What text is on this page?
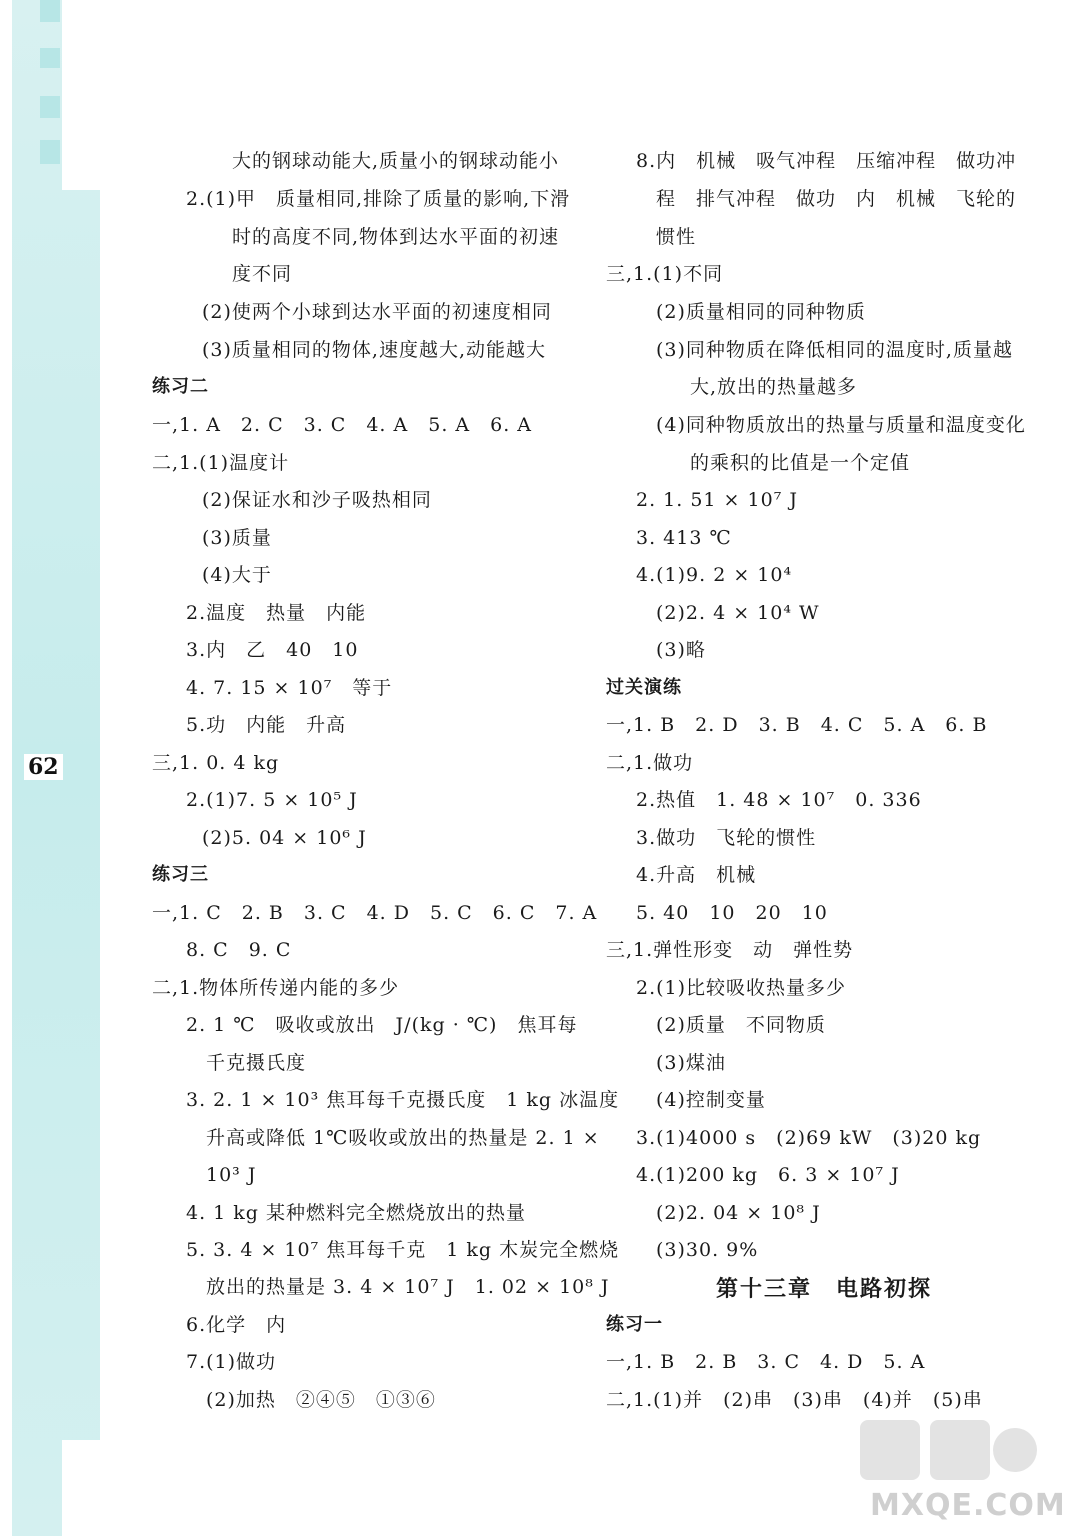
62
大的钢球动能大,质量小的钢球动能小
2.(1)甲　质量相同,排除了质量的影响,下滑
时的高度不同,物体到达水平面的初速
度不同
(2)使两个小球到达水平面的初速度相同
(3)质量相同的物体,速度越大,动能越大
练习二
一,1. A　2. C　3. C　4. A　5. A　6. A
二,1.(1)温度计
(2)保证水和沙子吸热相同
(3)质量
(4)大于
2.温度　热量　内能
3.内　乙　40　10
4. 7. 15 × 10⁷　等于
5.功　内能　升高
三,1. 0. 4 kg
2.(1)7. 5 × 10⁵ J
(2)5. 04 × 10⁶ J
练习三
一,1. C　2. B　3. C　4. D　5. C　6. C　7. A
8. C　9. C
二,1.物体所传递内能的多少
2. 1 ℃　吸收或放出　J/(kg · ℃)　焦耳每
千克摄氏度
3. 2. 1 × 10³ 焦耳每千克摄氏度　1 kg 冰温度
升高或降低 1℃吸收或放出的热量是 2. 1 ×
10³ J
4. 1 kg 某种燃料完全燃烧放出的热量
5. 3. 4 × 10⁷ 焦耳每千克　1 kg 木炭完全燃烧
放出的热量是 3. 4 × 10⁷ J　1. 02 × 10⁸ J
6.化学　内
7.(1)做功
(2)加热　②④⑤　①③⑥
8.内　机械　吸气冲程　压缩冲程　做功冲
程　排气冲程　做功　内　机械　飞轮的
惯性
三,1.(1)不同
(2)质量相同的同种物质
(3)同种物质在降低相同的温度时,质量越
大,放出的热量越多
(4)同种物质放出的热量与质量和温度变化
的乘积的比值是一个定值
2. 1. 51 × 10⁷ J
3. 413 ℃
4.(1)9. 2 × 10⁴
(2)2. 4 × 10⁴ W
(3)略
过关演练
一,1. B　2. D　3. B　4. C　5. A　6. B
二,1.做功
2.热值　1. 48 × 10⁷　0. 336
3.做功　飞轮的惯性
4.升高　机械
5. 40　10　20　10
三,1.弹性形变　动　弹性势
2.(1)比较吸收热量多少
(2)质量　不同物质
(3)煤油
(4)控制变量
3.(1)4000 s　(2)69 kW　(3)20 kg
4.(1)200 kg　6. 3 × 10⁷ J
(2)2. 04 × 10⁸ J
(3)30. 9%
第十三章　电路初探
练习一
一,1. B　2. B　3. C　4. D　5. A
二,1.(1)并　(2)串　(3)串　(4)并　(5)串
MXQE.COM
